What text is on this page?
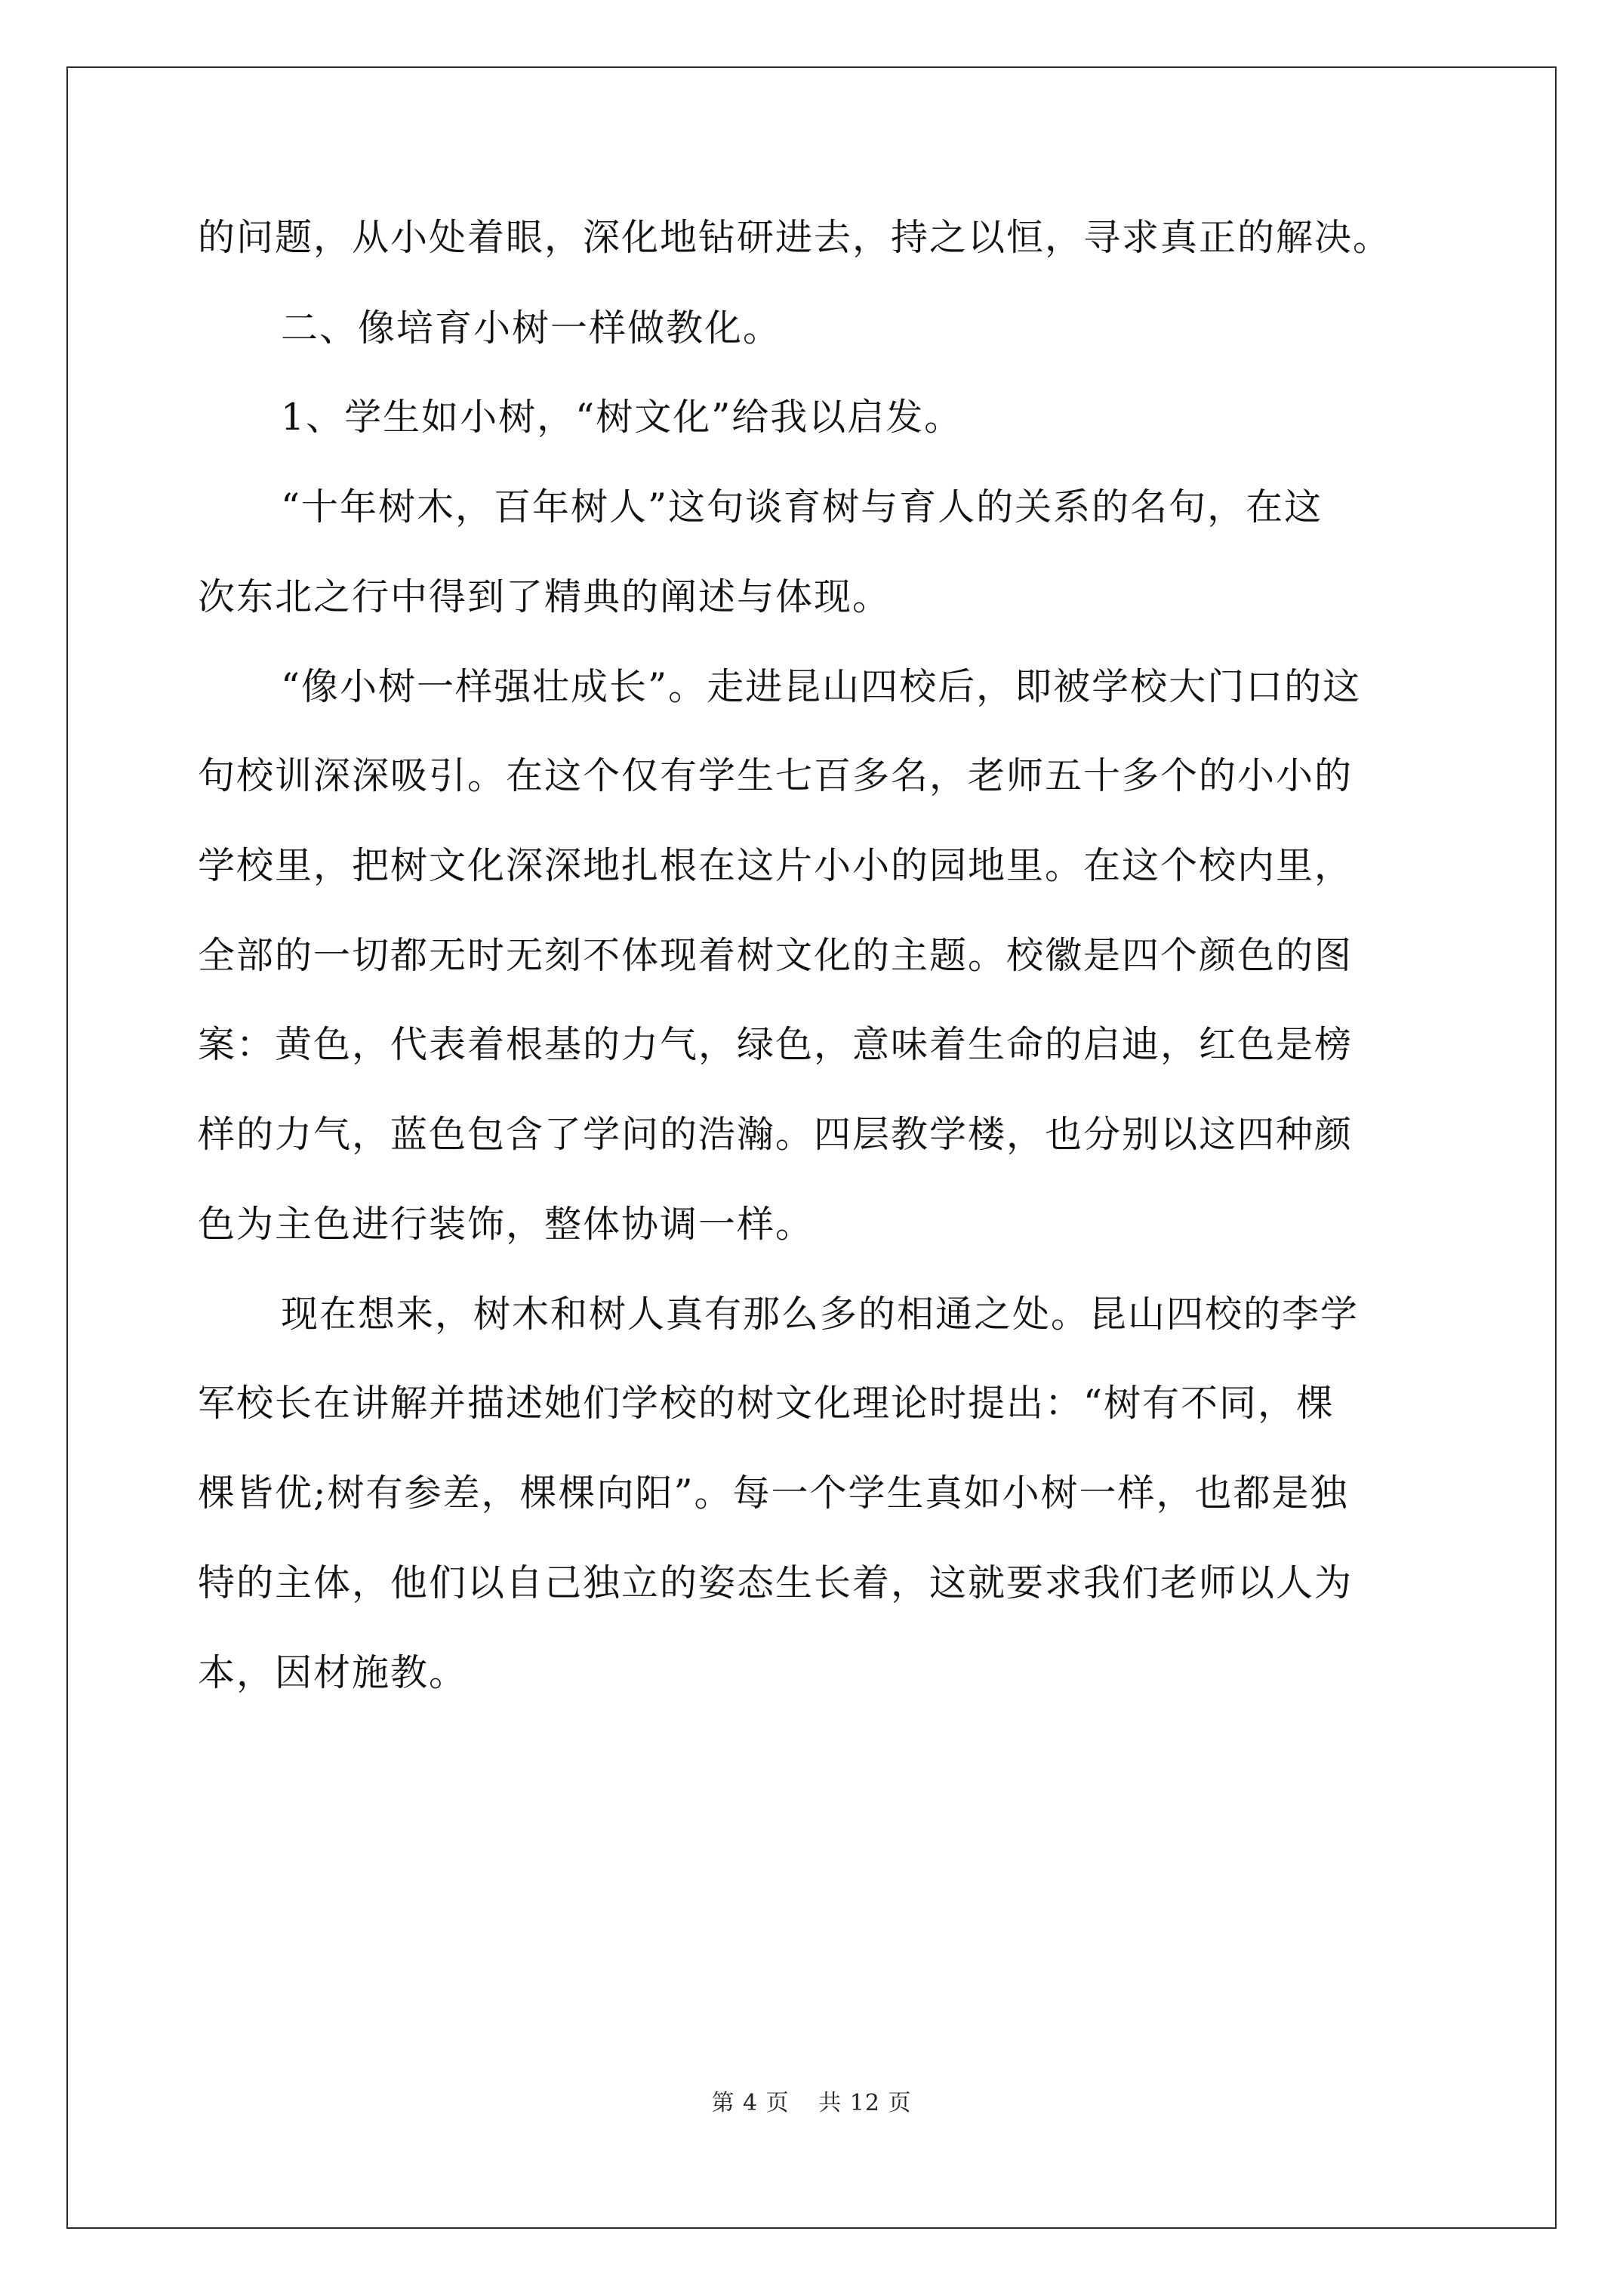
的问题，从小处着眼，深化地钻研进去，持之以恒，寻求真正的解决。
二、像培育小树一样做教化。
1、学生如小树，“树文化”给我以启发。
“十年树木，百年树人”这句谈育树与育人的关系的名句，在这
次东北之行中得到了精典的阐述与体现。
“像小树一样强壮成长”。走进昆山四校后，即被学校大门口的这
句校训深深吸引。在这个仅有学生七百多名，老师五十多个的小小的
学校里，把树文化深深地扎根在这片小小的园地里。在这个校内里，
全部的一切都无时无刻不体现着树文化的主题。校徽是四个颜色的图
案：黄色，代表着根基的力气，绿色，意味着生命的启迪，红色是榜
样的力气，蓝色包含了学问的浩瀚。四层教学楼，也分别以这四种颜
色为主色进行装饰，整体协调一样。
现在想来，树木和树人真有那么多的相通之处。昆山四校的李学
军校长在讲解并描述她们学校的树文化理论时提出：“树有不同，棵
棵皆优;树有参差，棵棵向阳”。每一个学生真如小树一样，也都是独
特的主体，他们以自己独立的姿态生长着，这就要求我们老师以人为
本，因材施教。
第 4 页 共 12 页
